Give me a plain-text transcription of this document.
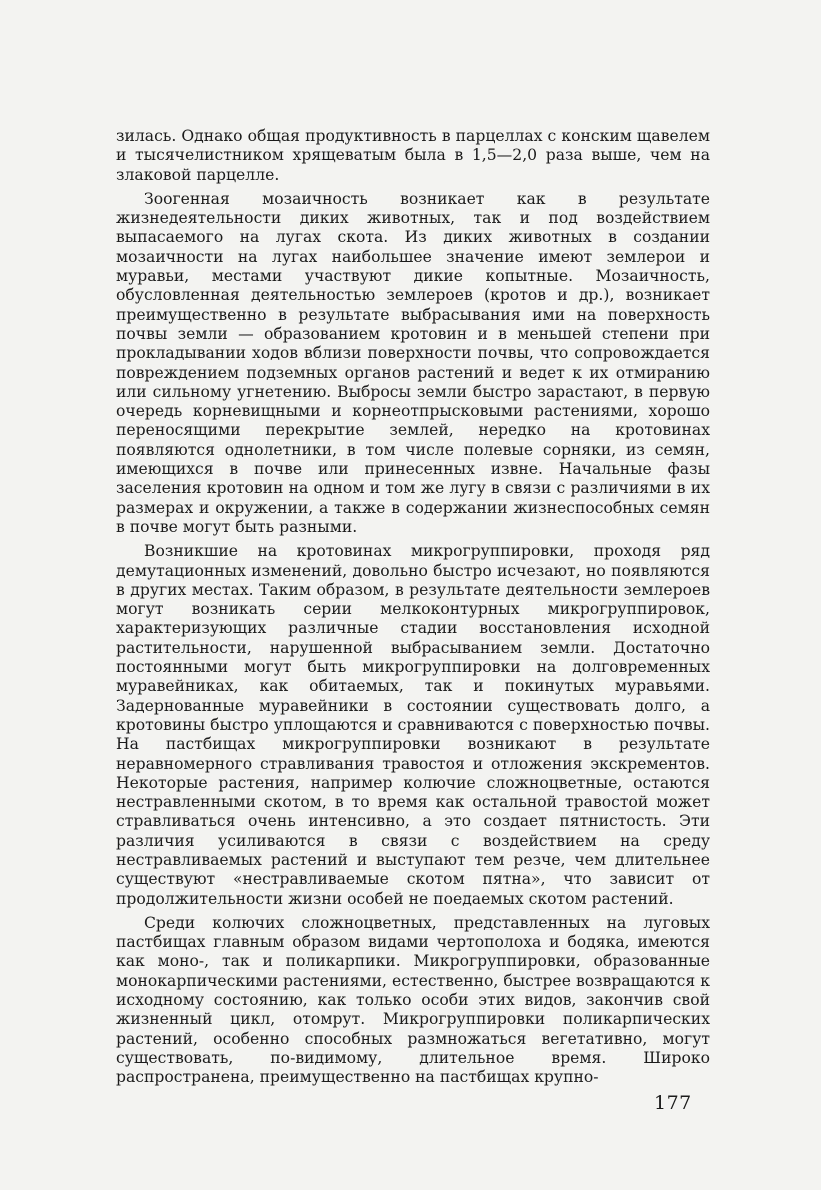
зилась. Однако общая продуктивность в парцеллах с конским щавелем и тысячелистником хрящеватым была в 1,5—2,0 раза выше, чем на злаковой парцелле.

Зоогенная мозаичность возникает как в результате жизнедеятельности диких животных, так и под воздействием выпасаемого на лугах скота. Из диких животных в создании мозаичности на лугах наибольшее значение имеют землерои и муравьи, местами участвуют дикие копытные. Мозаичность, обусловленная деятельностью землероев (кротов и др.), возникает преимущественно в результате выбрасывания ими на поверхность почвы земли — образованием кротовин и в меньшей степени при прокладывании ходов вблизи поверхности почвы, что сопровождается повреждением подземных органов растений и ведет к их отмиранию или сильному угнетению. Выбросы земли быстро зарастают, в первую очередь корневищными и корнеотпрысковыми растениями, хорошо переносящими перекрытие землей, нередко на кротовинах появляются однолетники, в том числе полевые сорняки, из семян, имеющихся в почве или принесенных извне. Начальные фазы заселения кротовин на одном и том же лугу в связи с различиями в их размерах и окружении, а также в содержании жизнеспособных семян в почве могут быть разными.

Возникшие на кротовинах микрогруппировки, проходя ряд демутационных изменений, довольно быстро исчезают, но появляются в других местах. Таким образом, в результате деятельности землероев могут возникать серии мелкоконтурных микрогруппировок, характеризующих различные стадии восстановления исходной растительности, нарушенной выбрасыванием земли. Достаточно постоянными могут быть микрогруппировки на долговременных муравейниках, как обитаемых, так и покинутых муравьями. Задернованные муравейники в состоянии существовать долго, а кротовины быстро уплощаются и сравниваются с поверхностью почвы. На пастбищах микрогруппировки возникают в результате неравномерного стравливания травостоя и отложения экскрементов. Некоторые растения, например колючие сложноцветные, остаются нестравленными скотом, в то время как остальной травостой может стравливаться очень интенсивно, а это создает пятнистость. Эти различия усиливаются в связи с воздействием на среду нестравливаемых растений и выступают тем резче, чем длительнее существуют «нестравливаемые скотом пятна», что зависит от продолжительности жизни особей не поедаемых скотом растений.

Среди колючих сложноцветных, представленных на луговых пастбищах главным образом видами чертополоха и бодяка, имеются как моно-, так и поликарпики. Микрогруппировки, образованные монокарпическими растениями, естественно, быстрее возвращаются к исходному состоянию, как только особи этих видов, закончив свой жизненный цикл, отомрут. Микрогруппировки поликарпических растений, особенно способных размножаться вегетативно, могут существовать, по-видимому, длительное время. Широко распространена, преимущественно на пастбищах крупно-

177
